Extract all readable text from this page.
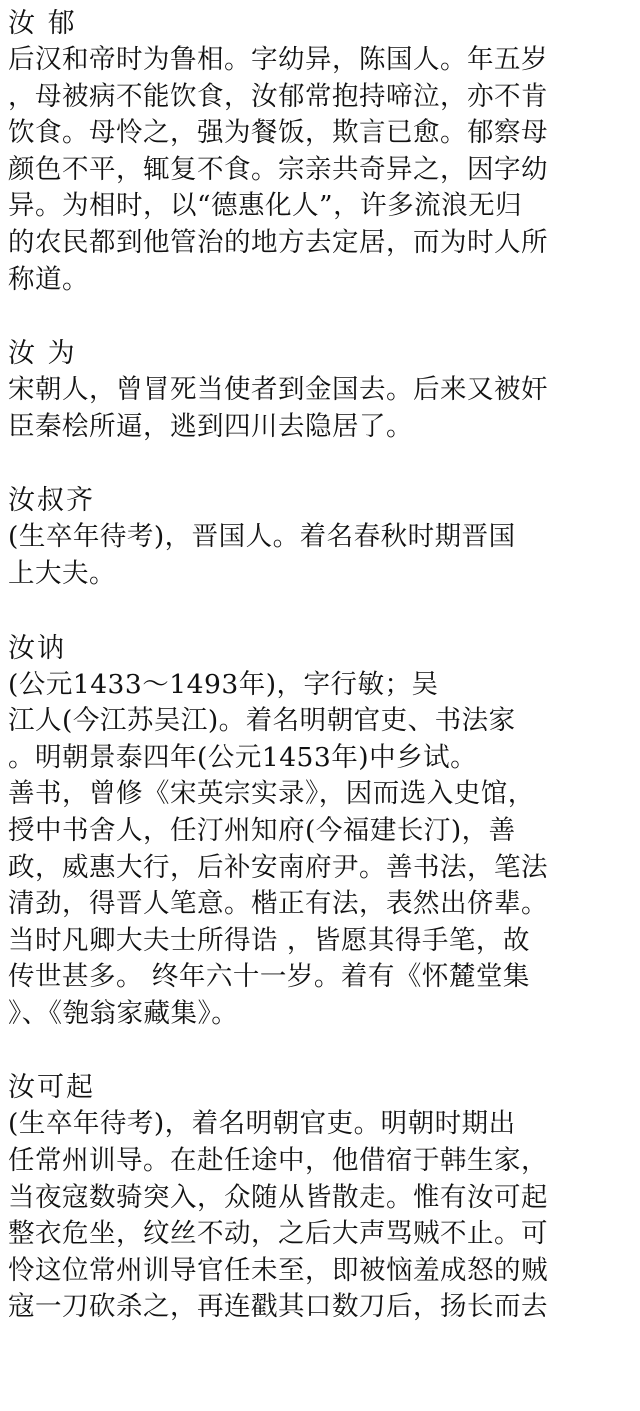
汝 郁
后汉和帝时为鲁相。字幼异，陈国人。年五岁
，母被病不能饮食，汝郁常抱持啼泣，亦不肯
饮食。母怜之，强为餐饭，欺言已愈。郁察母
颜色不平，辄复不食。宗亲共奇异之，因字幼
异。为相时，以“德惠化人”，许多流浪无归
的农民都到他管治的地方去定居，而为时人所
称道。
汝 为
宋朝人，曾冒死当使者到金国去。后来又被奸
臣秦桧所逼，逃到四川去隐居了。
汝叔齐
(生卒年待考)，晋国人。着名春秋时期晋国
上大夫。
汝讷
(公元1433～1493年)，字行敏；吴
江人(今江苏吴江)。着名明朝官吏、书法家
。明朝景泰四年(公元1453年)中乡试。
善书，曾修《宋英宗实录》，因而选入史馆，
授中书舍人，任汀州知府(今福建长汀)，善
政，威惠大行，后补安南府尹。善书法，笔法
清劲，得晋人笔意。楷正有法，表然出侪辈。
当时凡卿大夫士所得诰 ，皆愿其得手笔，故
传世甚多。 终年六十一岁。着有《怀麓堂集
》、《匏翁家藏集》。
汝可起
(生卒年待考)，着名明朝官吏。明朝时期出
任常州训导。在赴任途中，他借宿于韩生家，
当夜寇数骑突入，众随从皆散走。惟有汝可起
整衣危坐，纹丝不动，之后大声骂贼不止。可
怜这位常州训导官任未至，即被恼羞成怒的贼
寇一刀砍杀之，再连戳其口数刀后，扬长而去
